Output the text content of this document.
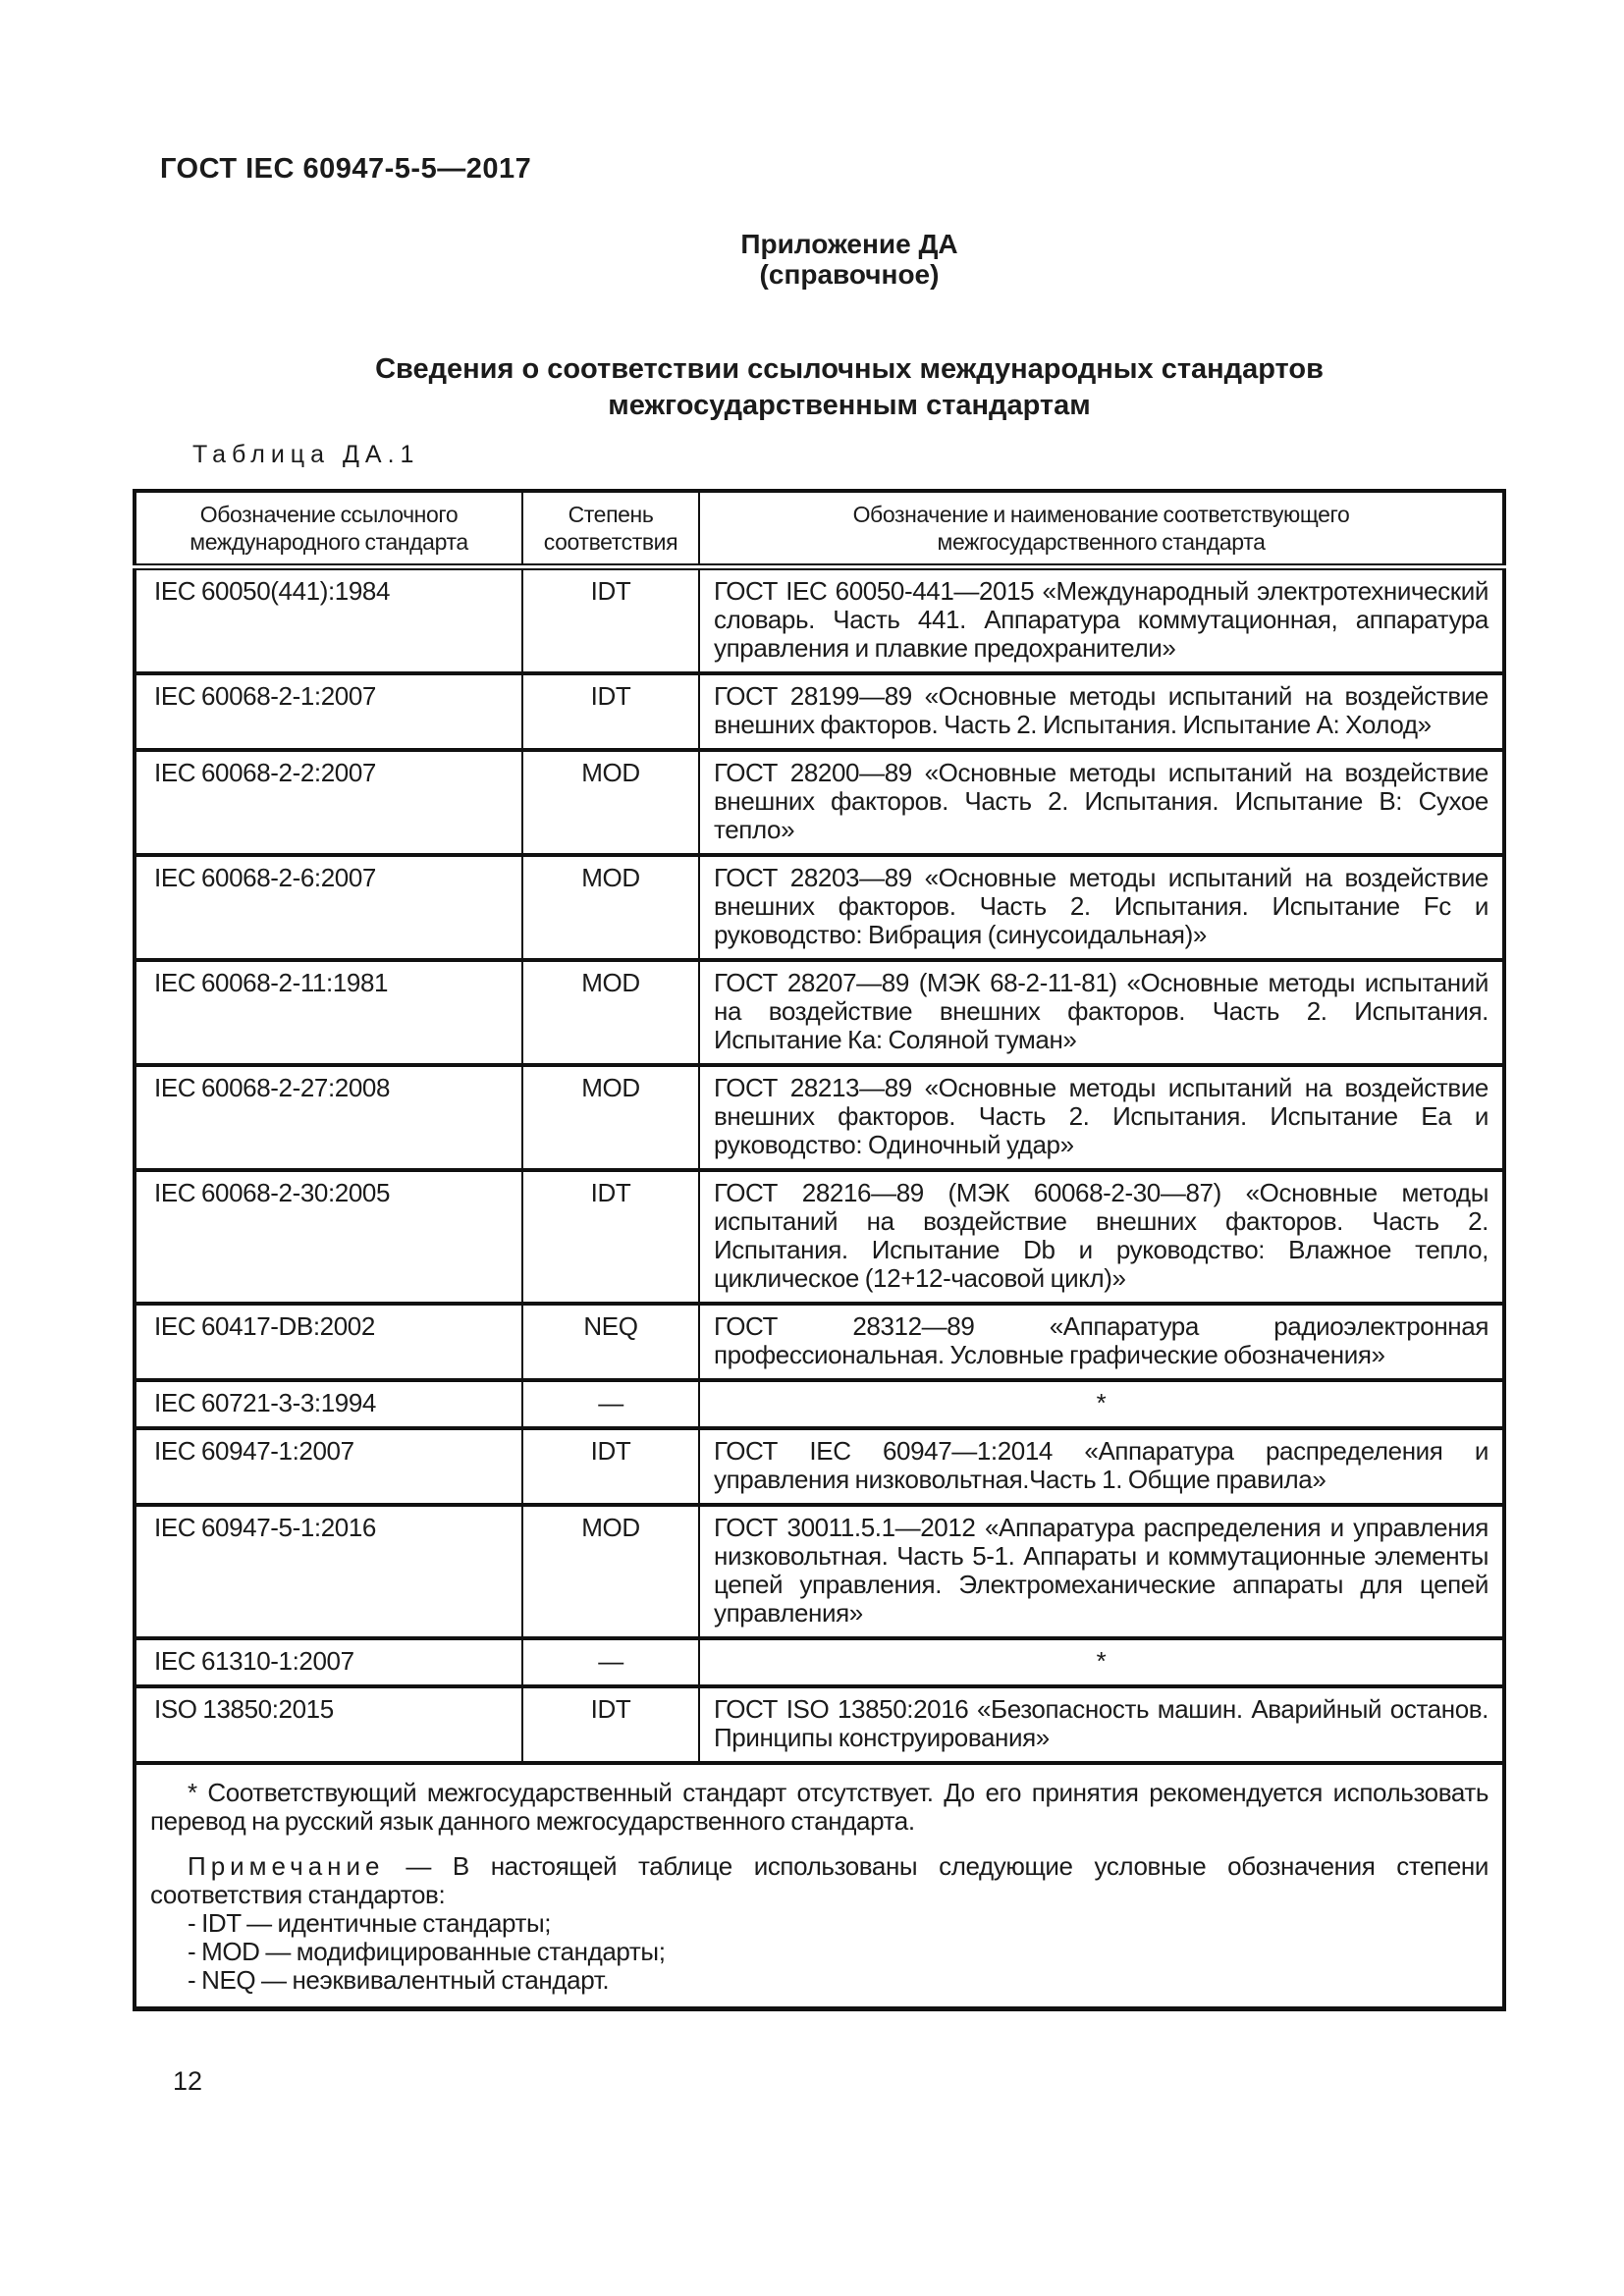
ГОСТ IEC 60947-5-5—2017
Приложение ДА
(справочное)
Сведения о соответствии ссылочных международных стандартов межгосударственным стандартам
Таблица ДА.1
Обозначение ссылочного международного стандарта	Степень соответствия	Обозначение и наименование соответствующего межгосударственного стандарта
IEC 60050(441):1984	IDT	ГОСТ IEC 60050-441—2015 «Международный электротехнический словарь. Часть 441. Аппаратура коммутационная, аппаратура управления и плавкие предохранители»
IEC 60068-2-1:2007	IDT	ГОСТ 28199—89 «Основные методы испытаний на воздействие внешних факторов. Часть 2. Испытания. Испытание А: Холод»
IEC 60068-2-2:2007	MOD	ГОСТ 28200—89 «Основные методы испытаний на воздействие внешних факторов. Часть 2. Испытания. Испытание B: Сухое тепло»
IEC 60068-2-6:2007	MOD	ГОСТ 28203—89 «Основные методы испытаний на воздействие внешних факторов. Часть 2. Испытания. Испытание Fc и руководство: Вибрация (синусоидальная)»
IEC 60068-2-11:1981	MOD	ГОСТ 28207—89 (МЭК 68-2-11-81) «Основные методы испытаний на воздействие внешних факторов. Часть 2. Испытания. Испытание Ка: Соляной туман»
IEC 60068-2-27:2008	MOD	ГОСТ 28213—89 «Основные методы испытаний на воздействие внешних факторов. Часть 2. Испытания. Испытание Ea и руководство: Одиночный удар»
IEC 60068-2-30:2005	IDT	ГОСТ 28216—89 (МЭК 60068-2-30—87) «Основные методы испытаний на воздействие внешних факторов. Часть 2. Испытания. Испытание Db и руководство: Влажное тепло, циклическое (12+12-часовой цикл)»
IEC 60417-DB:2002	NEQ	ГОСТ 28312—89 «Аппаратура радиоэлектронная профессиональная. Условные графические обозначения»
IEC 60721-3-3:1994	—	*
IEC 60947-1:2007	IDT	ГОСТ IEC 60947—1:2014 «Аппаратура распределения и управления низковольтная.Часть 1. Общие правила»
IEC 60947-5-1:2016	MOD	ГОСТ 30011.5.1—2012 «Аппаратура распределения и управления низковольтная. Часть 5-1. Аппараты и коммутационные элементы цепей управления. Электромеханические аппараты для цепей управления»
IEC 61310-1:2007	—	*
ISO 13850:2015	IDT	ГОСТ ISO 13850:2016 «Безопасность машин. Аварийный останов. Принципы конструирования»

* Соответствующий межгосударственный стандарт отсутствует. До его принятия рекомендуется использовать перевод на русский язык данного межгосударственного стандарта.
Примечание — В настоящей таблице использованы следующие условные обозначения степени соответствия стандартов:
- IDT — идентичные стандарты;
- MOD — модифицированные стандарты;
- NEQ — неэквивалентный стандарт.		
12
